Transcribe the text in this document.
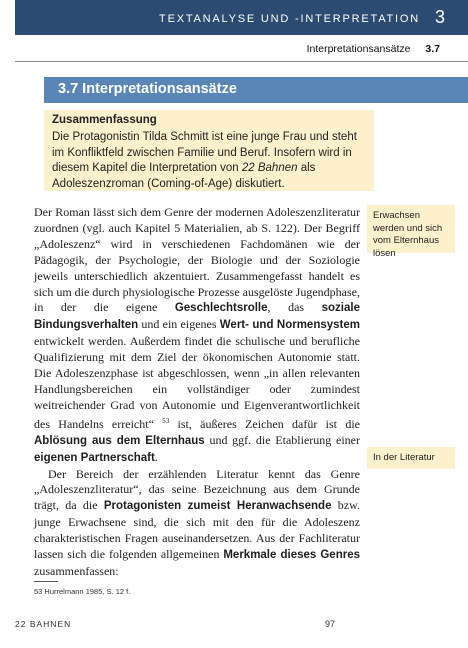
TEXTANALYSE UND -INTERPRETATION 3
Interpretationsansätze 3.7
3.7 Interpretationsansätze
Zusammenfassung
Die Protagonistin Tilda Schmitt ist eine junge Frau und steht im Konfliktfeld zwischen Familie und Beruf. Insofern wird in diesem Kapitel die Interpretation von 22 Bahnen als Adoleszenzroman (Coming-of-Age) diskutiert.

Der Roman lässt sich dem Genre der modernen Adoleszenzliteratur zuordnen (vgl. auch Kapitel 5 Materialien, ab S. 122). Der Begriff „Adoleszenz“ wird in verschiedenen Fachdomänen wie der Pädagogik, der Psychologie, der Biologie und der Soziologie jeweils unterschiedlich akzentuiert. Zusammengefasst handelt es sich um die durch physiologische Prozesse ausgelöste Jugendphase, in der die eigene Geschlechtsrolle, das soziale Bindungsverhalten und ein eigenes Wert- und Normensystem entwickelt werden. Außerdem findet die schulische und berufliche Qualifizierung mit dem Ziel der ökonomischen Autonomie statt. Die Adoleszenzphase ist abgeschlossen, wenn „in allen relevanten Handlungsbereichen ein vollständiger oder zumindest weitreichender Grad von Autonomie und Eigenverantwortlichkeit des Handelns erreicht“ $^{53}$ ist, äußeres Zeichen dafür ist die Ablösung aus dem Elternhaus und ggf. die Etablierung einer eigenen Partnerschaft.

Der Bereich der erzählenden Literatur kennt das Genre „Adoleszenzliteratur“, das seine Bezeichnung aus dem Grunde trägt, da die Protagonisten zumeist Heranwachsende bzw. junge Erwachsene sind, die sich mit den für die Adoleszenz charakteristischen Fragen auseinandersetzen. Aus der Fachliteratur lassen sich die folgenden allgemeinen Merkmale dieses Genres zusammenfassen:

Erwachsen werden und sich vom Elternhaus lösen
In der Literatur
53 Hurrelmann 1985, S. 12 f.
22 BAHNEN	97
